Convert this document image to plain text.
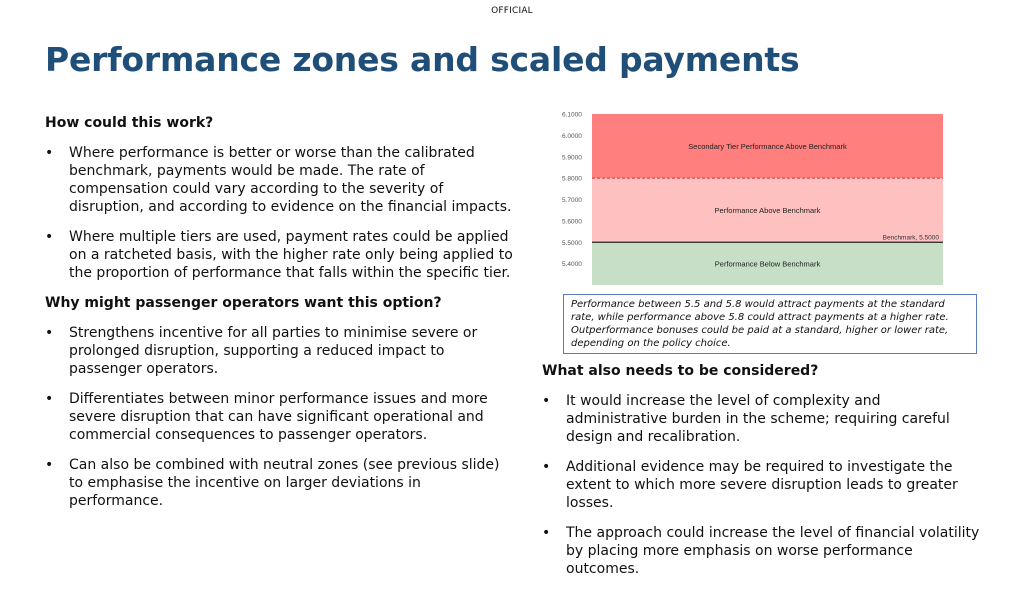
OFFICIAL
Performance zones and scaled payments

How could this work?

• Where performance is better or worse than the calibrated benchmark, payments would be made. The rate of compensation could vary according to the severity of disruption, and according to evidence on the financial impacts.
• Where multiple tiers are used, payment rates could be applied on a ratcheted basis, with the higher rate only being applied to the proportion of performance that falls within the specific tier.

Why might passenger operators want this option?

• Strengthens incentive for all parties to minimise severe or prolonged disruption, supporting a reduced impact to passenger operators.
• Differentiates between minor performance issues and more severe disruption that can have significant operational and commercial consequences to passenger operators.
• Can also be combined with neutral zones (see previous slide) to emphasise the incentive on larger deviations in performance.
Secondary Tier Performance Above Benchmark
Performance Above Benchmark
Performance Below Benchmark
Benchmark, 5.5000
6.1000
6.0000
5.9000
5.8000
5.7000
5.6000
5.5000
5.4000
Performance between 5.5 and 5.8 would attract payments at the standard rate, while performance above 5.8 could attract payments at a higher rate. Outperformance bonuses could be paid at a standard, higher or lower rate, depending on the policy choice.

What also needs to be considered?

• It would increase the level of complexity and administrative burden in the scheme; requiring careful design and recalibration.
• Additional evidence may be required to investigate the extent to which more severe disruption leads to greater losses.
• The approach could increase the level of financial volatility by placing more emphasis on worse performance outcomes.
